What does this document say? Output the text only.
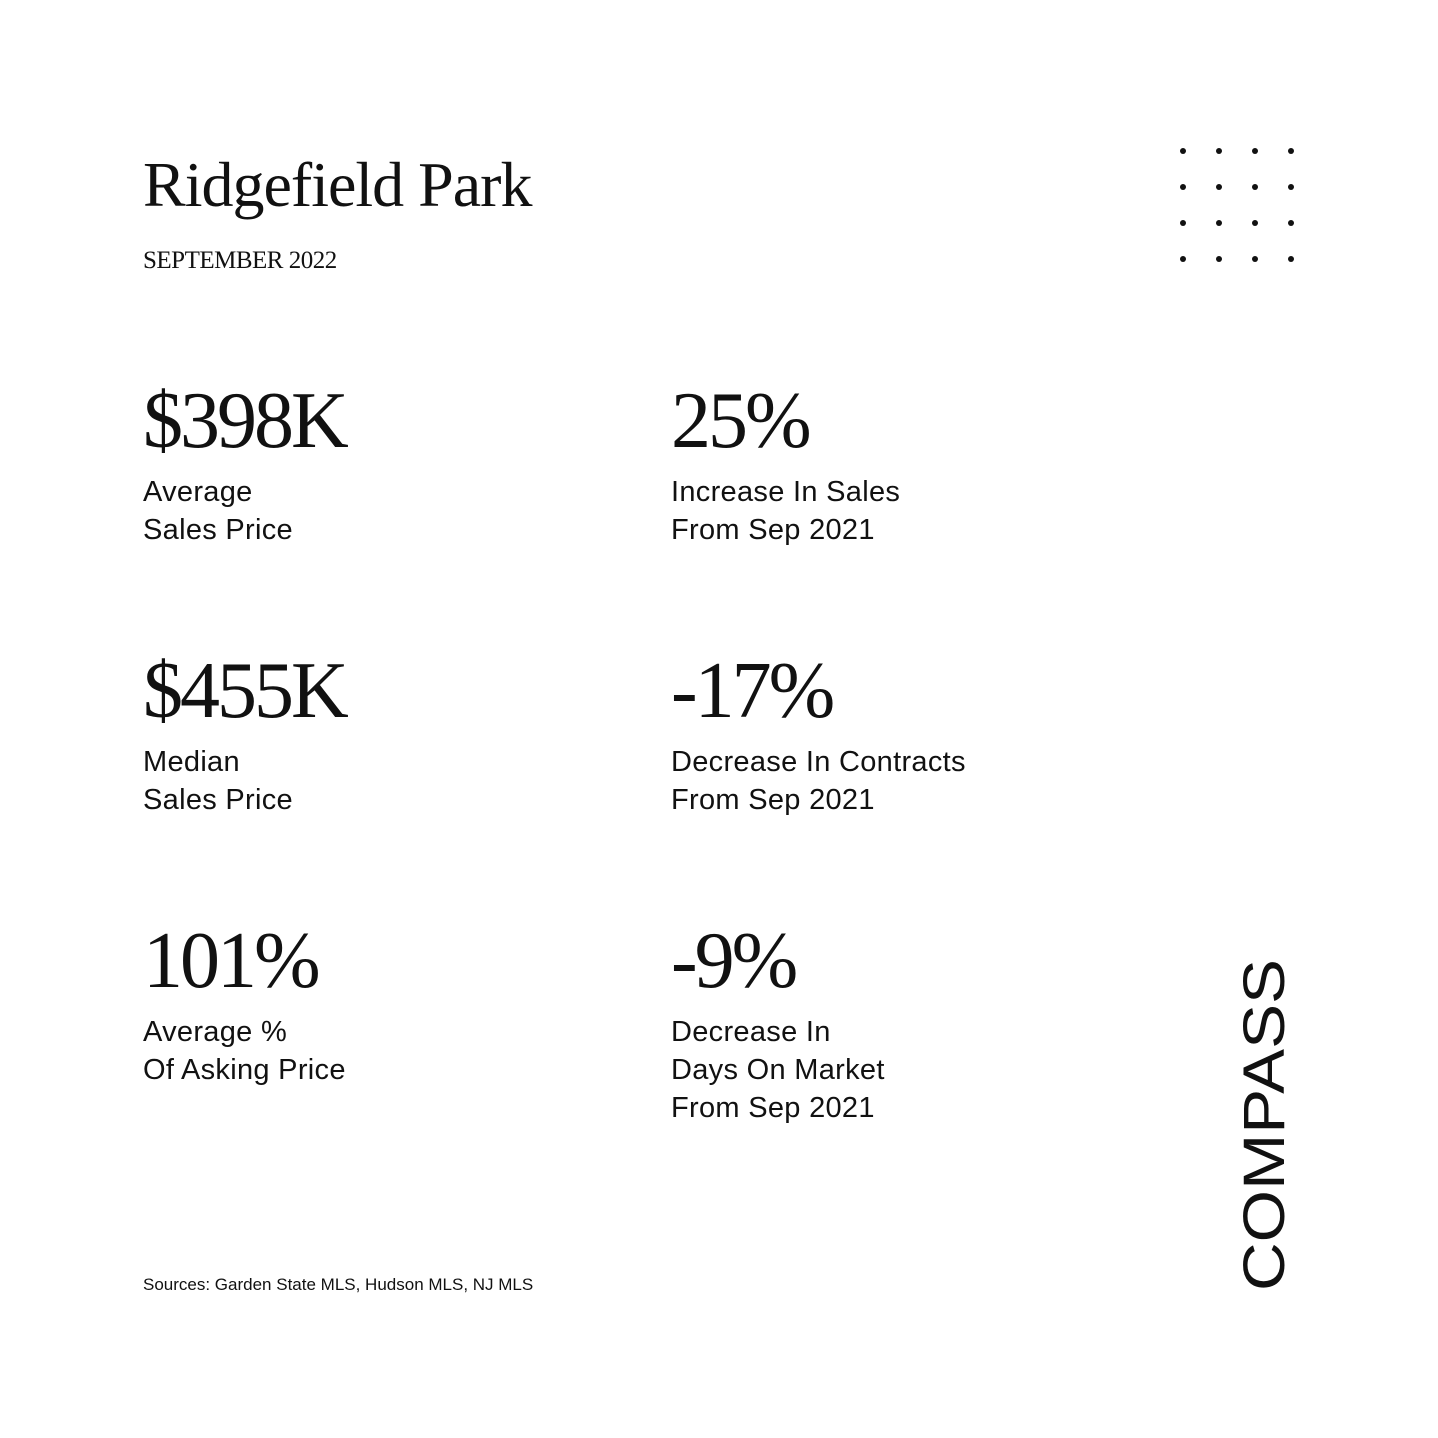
Ridgefield Park
SEPTEMBER 2022
$398K
Average
Sales Price
25%
Increase In Sales
From Sep 2021
$455K
Median
Sales Price
-17%
Decrease In Contracts
From Sep 2021
101%
Average %
Of Asking Price
-9%
Decrease In
Days On Market
From Sep 2021
Sources: Garden State MLS, Hudson MLS, NJ MLS	COMPASS
